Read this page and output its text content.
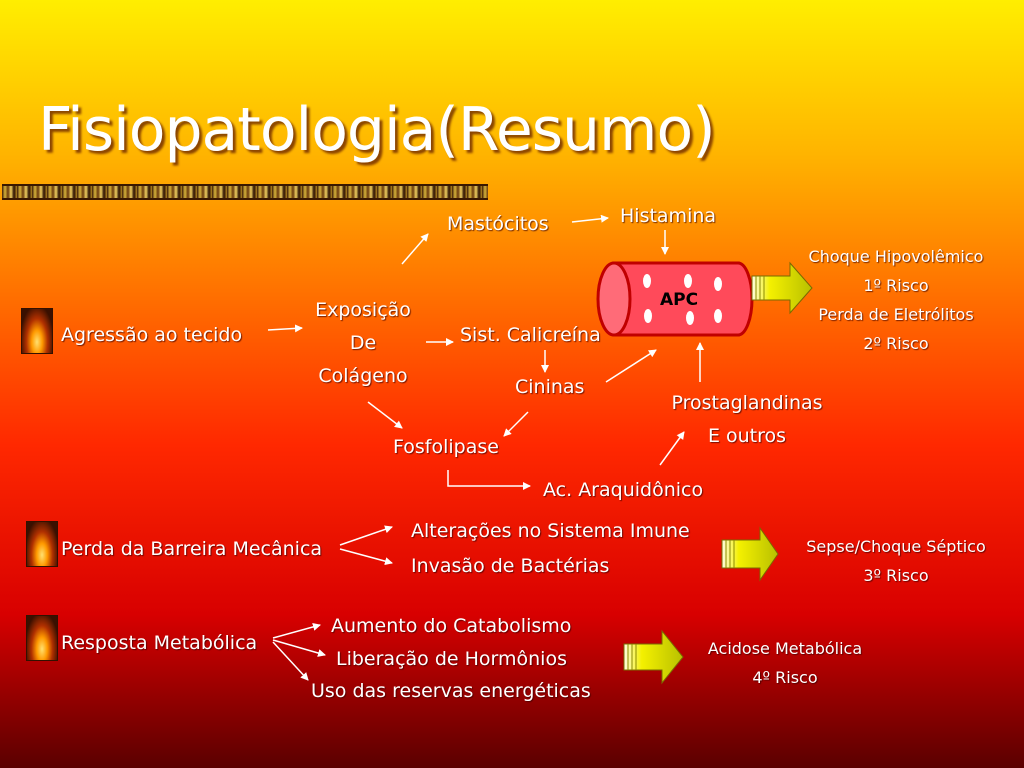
Fisiopatologia(Resumo)
APC
Mastócitos	Histamina
Agressão ao tecido
Exposição
De
Colágeno
Sist. Calicreína
Cininas
Prostaglandinas
E outros
Fosfolipase
Ac. Araquidônico
Perda da Barreira Mecânica
Alterações no Sistema Imune
Invasão de Bactérias
Resposta Metabólica
Aumento do Catabolismo
Liberação de Hormônios
Uso das reservas energéticas
Choque Hipovolêmico
1º Risco
Perda de Eletrólitos
2º Risco
Sepse/Choque Séptico
3º Risco
Acidose Metabólica
4º Risco
